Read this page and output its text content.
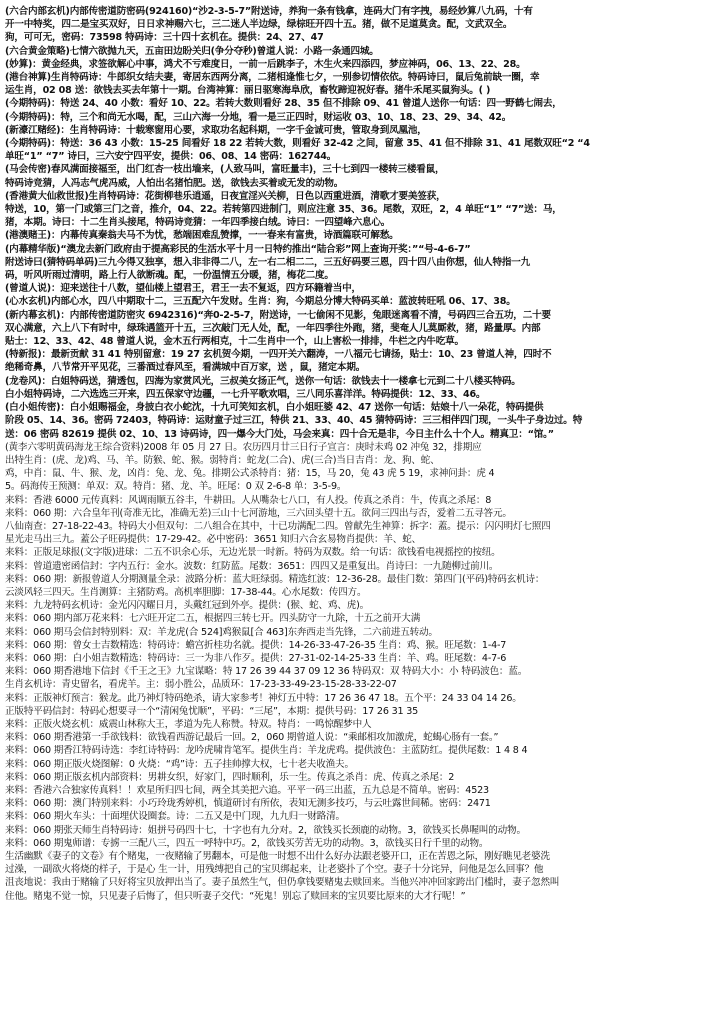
(六合内部玄机)内部传密道防密码(924160)“沙2-3-5-7”附送诗，养狗一条有钱拿，连码大门有字拽，易经妙算八九码，十有
开一中特奖，四二是宝买双好，日日求神赐六七，三二迷人半边绿，绿棕旺开四十五。猪，做不足道莫贪。配，文武双全。
狗，可可无，密码：73598 特码诗：三十四十玄机在。提供：24、27、47
(六合黄金策略)七情六欲抛九天，五亩田边盼关归(争分夺秒)曾道人说：小路一条通四城。
(妙算)：黄金经典，求签欲解心中事，鸿犬不亏难度日，一前一后跳李子，木生火来四添四，梦应神码，06、13、22、28。
(港台神算)生肖特码诗：牛郎织女结夫妻，寄居东西两分离，二猪相逢惟七夕，一别参切情依依。特码诗曰，鼠后兔前缺一圈，幸
运生肖，02 08 送：欲钱去买去年第十一期。台湾神算：丽日驱寒海阜欣，畜牧蹄迎祝好春。猪牛禾尾买鼠狗头。( )
(今期特码)：特送 24、40 小数：看好 10、22。若转大数则看好 28、35 但不排除 09、41 曾道人送你一句话：四一野鹤七闹去，
(今期特码)：特，三个和尚无水喝，配，三山六海一分地，看一是三正四时，财运收 03、10、18、23、29、34、42。
(新濠江赌经)：生肖特码诗：十载寒窗用心要，求取功名起科期，一字千金诚可贵，管取身到凤凰池，
(今期特码)：特送：36 43 小数：15-25 间看好 18 22 若转大数，则看好 32-42 之间，留意 35、41 但不排除 31、41 尾数双旺“2 “4
单旺“1” “7” 诗曰，三六安宁四平安，提供：06、08、14 密码：162744。
(马会传密)春风满面接福至，出门红杏一枝出墙来，(人致马叫，富旺量丰)，三十七到四一楼转三楼看鼠，
特码诗竞猜，人冯志气虎冯威，人怕出名猪怕肥。送，欲钱去买着或无发的动物。
(香港黄大仙救世报)生肖特码诗：花街柳巷乐逍遥，日夜宣淫兴关柳，日色以西重进酒，清歌才要美签获，
特送，10，第一门或第三门之音，推介，04、22。若转第四进制门，则应注意 35、36。尾数，双旺，2，4 单旺“1” “7”送：马，
猪，本期。诗曰：十二生肖头接尾，特码诗竞猜：一年四季接白绒。诗曰：一四望峰六息心。
(港澳赌王)：内幕传真秦翁夫马不为忧，愁端困难乱赞撑，一一春来有富贵，诗酒篇联可解愁。
(内幕精华版)“澳龙去新门政府由于提高彩民的生活水平十月一日特约推出“陆合彩”网上查询开奖：”“号-4-6-7”
附送诗曰(猜特码单码)三九今得又独享，想入非非得二八，左一右二相二二，三五好码要三恩，四十四八由你想，仙人特指一九
码，听风听雨过清明，路上行人欲断魂。配，一份温情五分暖，猪，梅花二度。
(曾道人说)：迎来送往十八数，望仙楼上望君王，君王一去不复返，四方环籍着当中，
(心水玄机)内部心水，四八中期取十二，三五配六午发财。生肖：狗，今期总分博大特码买单：蓝波转旺吼 06、17、38。
(新内幕玄机)：内部传密道防密灾 6942316)“奔0-2-5-7，附送诗，一七偷闲不见影，兔眼迷离看不清，号码四三合五功，二十要
双心满意，六上八下有时中，绿珠遇篮开十五，三次敲门无人处，配，一年四季往外跑，猪，斐奄人儿莫厮救，猪，路量厚。内部
贴士：12、33、42、48 曾道人说，金木五行两相克，十二生肖中一个，山上害松一排排，牛栏之内牛吃草。
(特新报)：最新贡献 31 41 特别留意：19 27 玄机贺今期，一四开关六翻涛，一八福元七请扬，贴士：10、23 曾道人神，四时不
绝稀奇鼻，八节常开平见花，三番酒过春风至，看满城中百万家，送 ，鼠，猪定本期。
(龙卷风)：白姐特码送，猜透包，四海为家赏风光，三叔美女扬正气，送你一句话：欲钱去十一楼拿七元到二十八楼买特码。
白小姐特码诗，二六选选三开来，四五保家守边疆，一七升平歌欢唱，三八同乐喜洋洋。特码提供：12、33、46。
(白小姐传密)：白小姐赐福金，身披白衣小蛇沈，十九可笑知玄机，白小姐旺婆 42、47 送你一句话：姑娘十八一朵花，特码提供
阶段 05、14、36。密码 72403，特码诗：运财童子过三江，特供 21、33、40、45 猜特码诗：三三相伴四门现，一头牛子身边过。特
送：06 密码 82619 提供 02、10、13 诗码诗，四一爆今大门处，马会来真：四十合无是非，今日主什么十个人。精真卫：“馆。”
(黄李六零明黄码海龙王综合资料)2008 年 05 月 27 日。农历四月廿三日行子宣言：庚时未鸡 02 冲兔 32，排期应
出特生肖：(虎、龙)鸡、马、羊。防猴、蛇、猴。弱特肖：蛇龙(二合)、虎(三合)当日吉肖：龙、狗、蛇、
鸡，中肖：鼠、牛、猴、龙，凶肖：兔、龙、兔。排期公式杀特肖：猪：15，马 20，兔 43 虎 5 19，求神问卦：虎 4
5。码海传王预测：单双：双。特肖：猪、龙、羊。旺尾：0 双 2-6-8 单：3-5-9。
来料：香港 6000 元传真料：风调雨顺五谷丰，牛耕田。人从嘴杂七八口，有人投。传真之杀肖：牛，传真之杀尾：8
来料：060 期：六合皇年刊(奇准无比，准确无差)三山十七河游地，三六回头望十五。欲问三四出与否，爱着二五寻答元。
八仙南查：27-18-22-43。特码大小但双句：二八组合在其中，十已功满配二四。曾献先生神算：拆字：蓋。提示：闪闪明灯七照四
星光走马出三九。蓋公子旺码提供：17-29-42。必中密码：3651 知归六合玄易物肖提供：羊、蛇、
来料：正版足球报(文字版)进球：二五不识余心乐，无边光景一时新。特码为双数。给一句话：欲钱看电视摇控的按纽。
来料：曾道遗密函信封：字内五行：金水。波数：红防蓝。尾数：3651：四四又是重复出。肖诗曰：一九随柳过前川。
来料：060 期：新报曾道人分期测量全录：波路分析：蓝大旺绿弱。精选红波：12-36-28。最佳门数：第四门(平码)特码玄机诗：
云淡风轻三四天。生肖测算：主猪防鸡。高机率胆脚：17-38-44。心水尾数：传四方。
来料：九龙特码玄机诗：金光闪闪耀日月，头戴红冠到外亭。提供：(猴、蛇、鸡、虎)。
来料：060 期内部万花来料：七六旺开定二五，根据四三转七开。四头防守一九除，十五之前开大满
来料：060 期马会信封特别料：双：羊龙虎(合 524]鸡猴鼠[合 463]东奔西走当先锋，二六前进五转动。
来料：060 期：曾女士吉数精选：特码诗：蟾宫折桂功名就。提供：14-26-33-47-26-35 生肖：鸡、猴。旺尾数：1-4-7
来料：060 期：白小姐吉数精选：特码诗：三一为非八作歹。提供：27-31-02-14-25-33 生肖：羊、鸡。旺尾数：4-7-6
来料：060 期香港地下信封《千王之王》九宝谋略：特 17 26 39 44 37 09 12 36 特码双：双 特码大小：小 特码波色：蓝。
生肖玄机诗：青史留名，看虎羊。主：弱小胜公，品质环：17-23-33-49-23-15-28-33-22-07
来料：正版神灯预言：猴龙。此乃神灯特码绝杀，请大家参考！神灯五中特：17 26 36 47 18。五个平：24 33 04 14 26。
正版特平码信封：特码心想要寻一个“清闲兔忧顺”，平码：“三尾”，本期：提供号码：17 26 31 35
来料：正版火烧玄机：威震山林称大王，孝道为先人称赞。特双。特肖：一鸣惊醒梦中人
来料：060 期香港第一手欲钱料：欲钱看西游记最后一回。2，060 期曾道人说：“乘邮相攻加激虎，蛇蝎心肠有一套。”
来料：060 期香江特码诗选：李红诗特码：龙吟虎啸肯笔军。提供生肖：羊龙虎鸡。提供波色：主蓝防红。提供尾数：1 4 8 4
来料：060 期正版火烧图解：0 火烧：“鸡”诗：五子挂帅撑大权，七十老夫收渔夫。
来料：060 期正版玄机内部资料：男耕女织，好家门，四时顺利，乐一生。传真之杀肖：虎、传真之杀尾：2
来料：香港六合独家传真料！！欢星所归四七间，两全其美把六追。平平一码三出蓝，五九总是不简单。密码：4523
来料：060 期：澳门特别来料：小巧玲珑秀婷机，慎道研讨有所依，表知无测多技巧，与云吐露世间稀。密码：2471
来料：060 期火车头：十面埋伏设圈套。诗：二五又是中门现，九九归一财路清。
来料：060 期张天师生肖特码诗：姐拼号码四十七，十字也有九分对。2，欲钱买长颈鹿的动物。3，欲钱买长鼻喔叫的动物。
来料：060 期鬼师谱：专掳一三配八三，四五一呼特中巧。2，欲钱买劳苦无功的动物。3，欲钱买日行千里的动物。
生活幽默《妻子的文卷》有个赌鬼，一夜赌输了男翻本，可是他一时想不出什么好办法跟老婆开口，正在苦恩之际，刚好瞧见老婆洗
过澡，一副欲火将烧的样子，于是心 生一计，用残缚把自己的宝贝绑起来，让老婆扑了个空。妻子十分诧异，问他是怎么回事？他
沮丧地说：我由于赌输了只好将宝贝放押出当了。妻子虽然生气，但仍拿钱要赌鬼去赎回来。当他兴冲冲回家跨出门槛时，妻子忽然叫
住他。赌鬼不觉一惊，只见妻子后悔了，但只听妻子交代：“死鬼！别忘了赎回来的宝贝要比原来的大才行呢！”
